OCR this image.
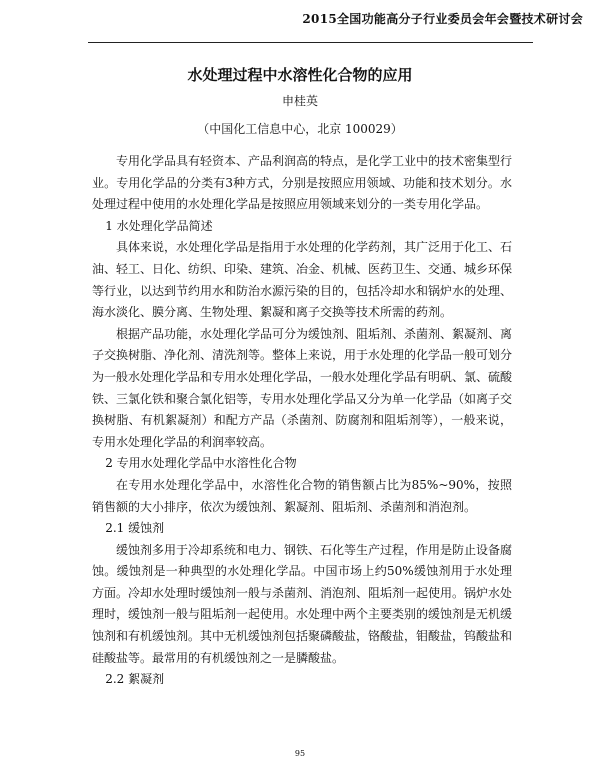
2015全国功能高分子行业委员会年会暨技术研讨会
水处理过程中水溶性化合物的应用
申桂英
（中国化工信息中心，北京 100029）

专用化学品具有轻资本、产品利润高的特点，是化学工业中的技术密集型行业。专用化学品的分类有3种方式，分别是按照应用领域、功能和技术划分。水处理过程中使用的水处理化学品是按照应用领域来划分的一类专用化学品。

1 水处理化学品简述

具体来说，水处理化学品是指用于水处理的化学药剂，其广泛用于化工、石油、轻工、日化、纺织、印染、建筑、冶金、机械、医药卫生、交通、城乡环保等行业，以达到节约用水和防治水源污染的目的，包括冷却水和锅炉水的处理、海水淡化、膜分离、生物处理、絮凝和离子交换等技术所需的药剂。

根据产品功能，水处理化学品可分为缓蚀剂、阻垢剂、杀菌剂、絮凝剂、离子交换树脂、净化剂、清洗剂等。整体上来说，用于水处理的化学品一般可划分为一般水处理化学品和专用水处理化学品，一般水处理化学品有明矾、氯、硫酸铁、三氯化铁和聚合氯化铝等，专用水处理化学品又分为单一化学品（如离子交换树脂、有机絮凝剂）和配方产品（杀菌剂、防腐剂和阻垢剂等），一般来说，专用水处理化学品的利润率较高。

2 专用水处理化学品中水溶性化合物

在专用水处理化学品中，水溶性化合物的销售额占比为85%~90%，按照销售额的大小排序，依次为缓蚀剂、絮凝剂、阻垢剂、杀菌剂和消泡剂。

2.1 缓蚀剂

缓蚀剂多用于冷却系统和电力、钢铁、石化等生产过程，作用是防止设备腐蚀。缓蚀剂是一种典型的水处理化学品。中国市场上约50%缓蚀剂用于水处理方面。冷却水处理时缓蚀剂一般与杀菌剂、消泡剂、阻垢剂一起使用。锅炉水处理时，缓蚀剂一般与阻垢剂一起使用。水处理中两个主要类别的缓蚀剂是无机缓蚀剂和有机缓蚀剂。其中无机缓蚀剂包括聚磷酸盐，铬酸盐，钼酸盐，钨酸盐和硅酸盐等。最常用的有机缓蚀剂之一是膦酸盐。

2.2 絮凝剂

95
